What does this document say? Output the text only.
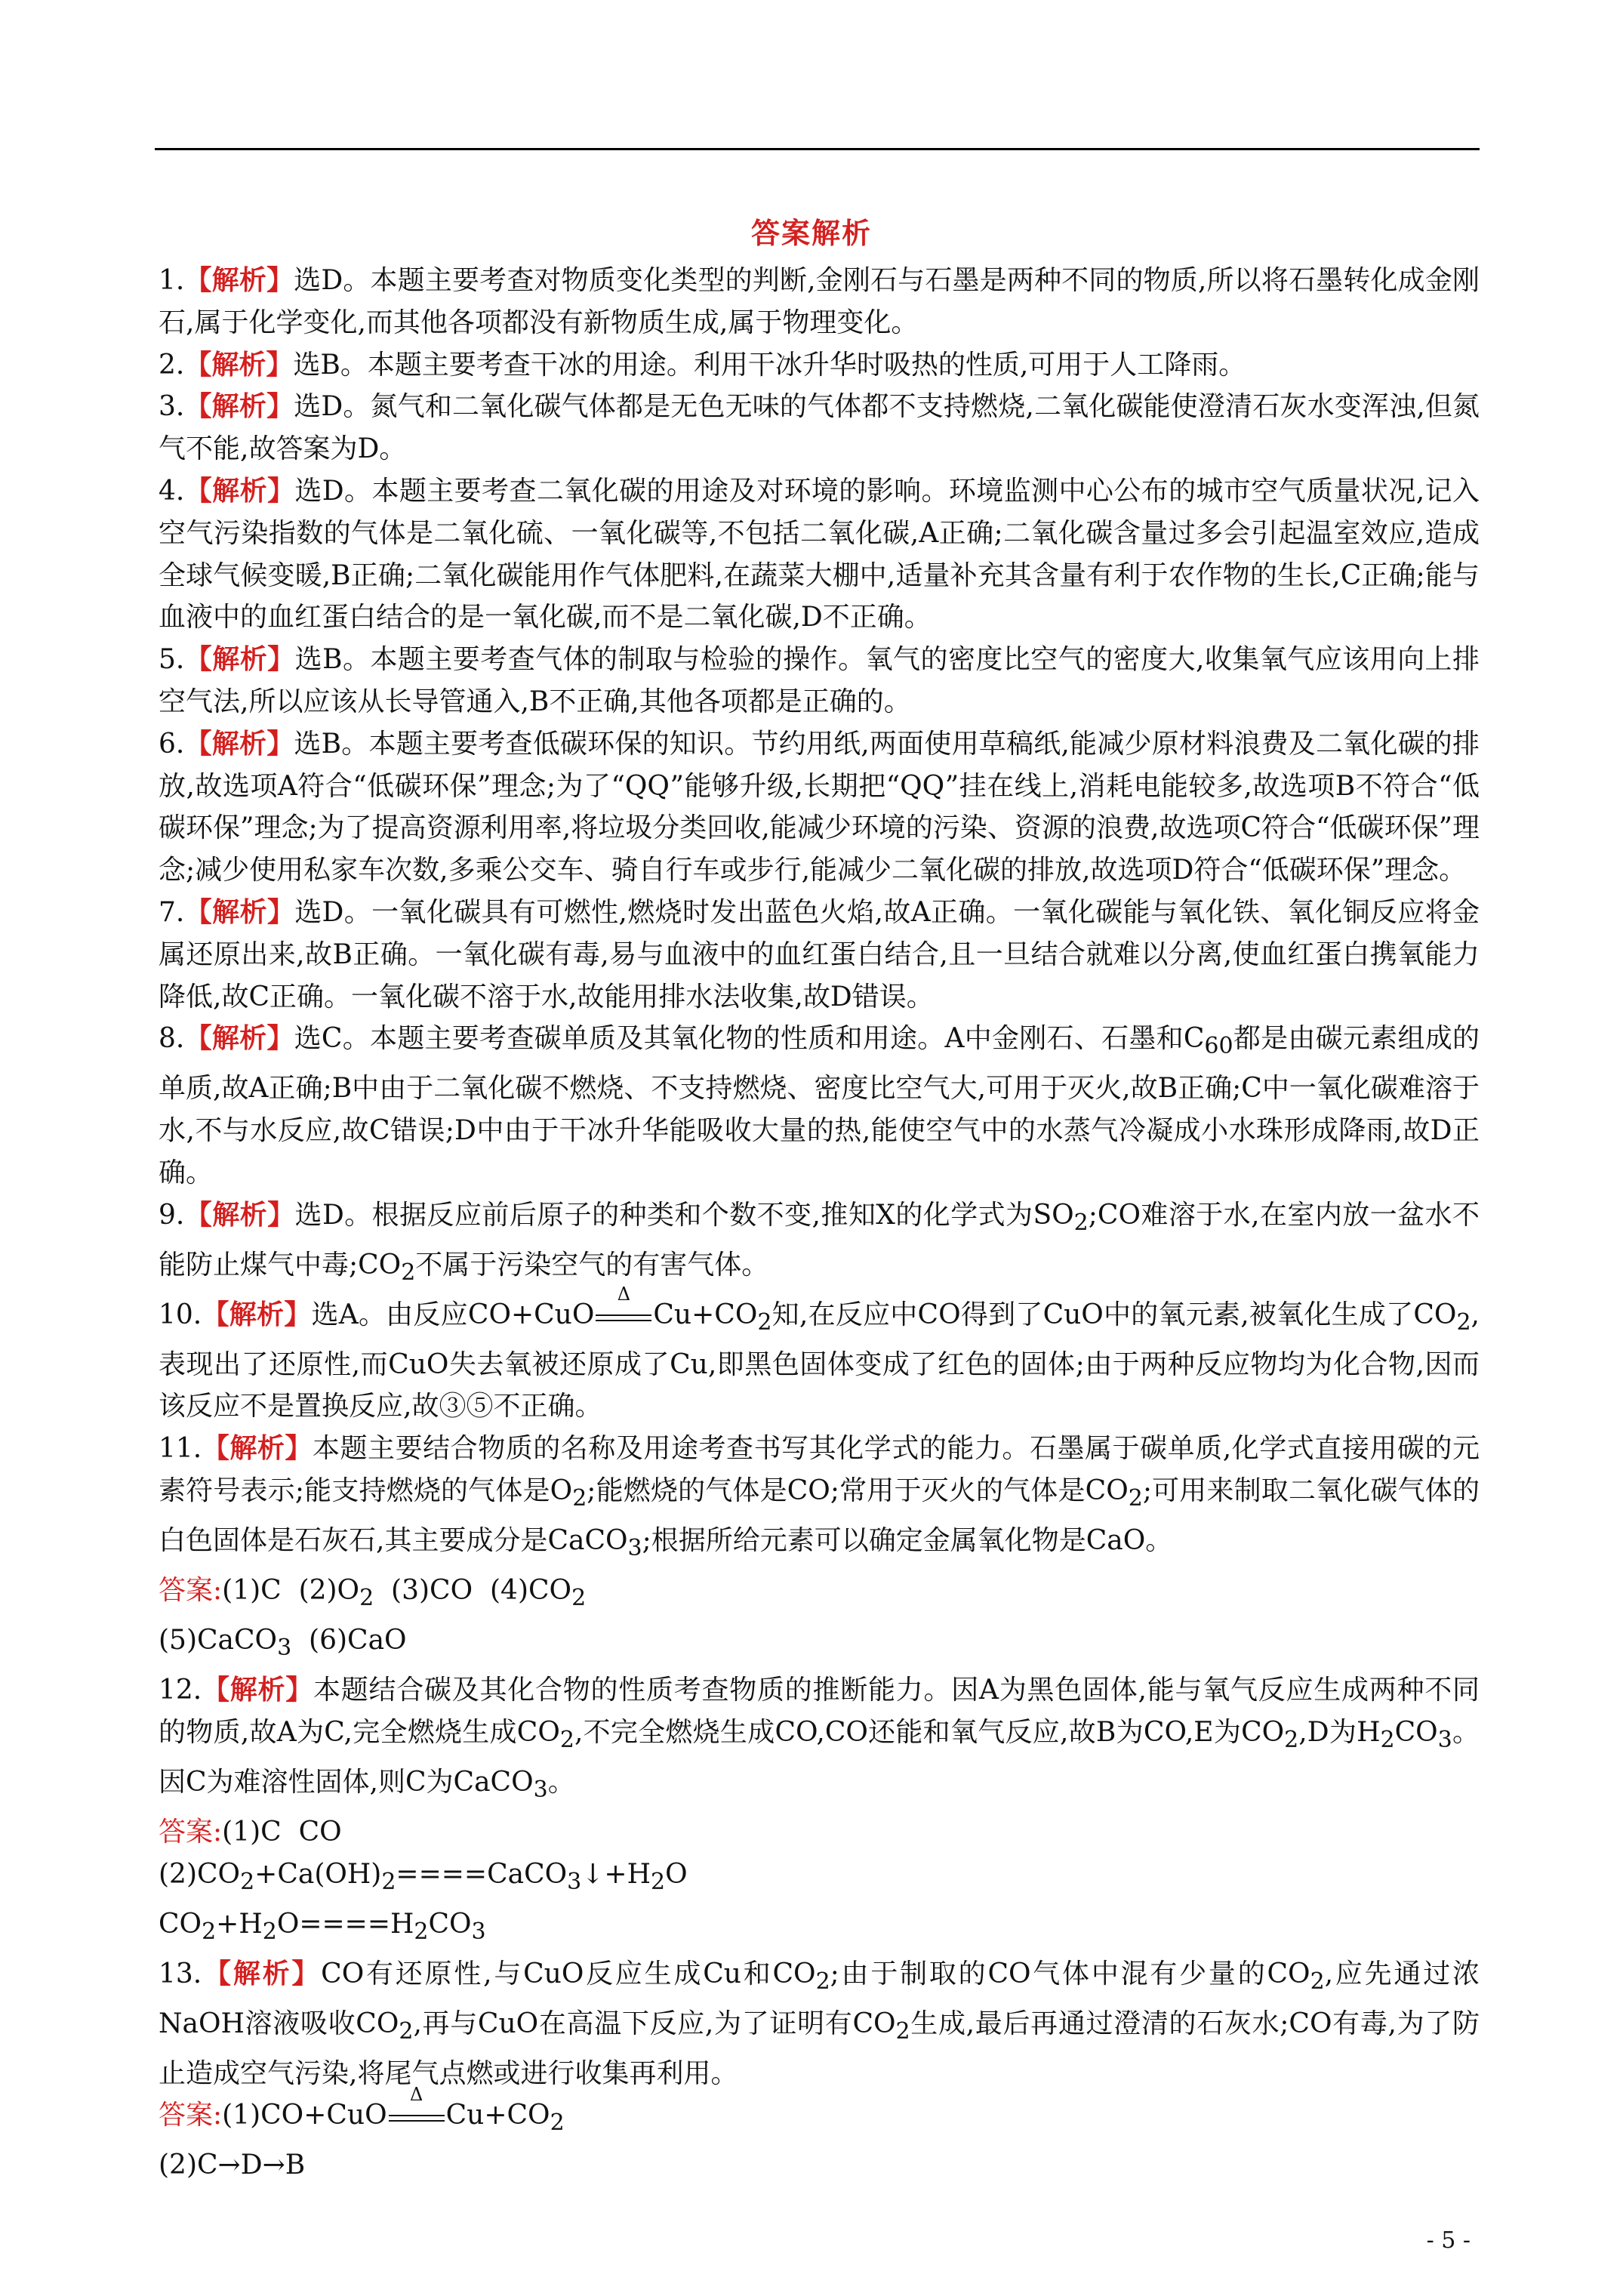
答案解析

1.【解析】选D。本题主要考查对物质变化类型的判断,金刚石与石墨是两种不同的物质,所以将石墨转化成金刚石,属于化学变化,而其他各项都没有新物质生成,属于物理变化。

2.【解析】选B。本题主要考查干冰的用途。利用干冰升华时吸热的性质,可用于人工降雨。

3.【解析】选D。氮气和二氧化碳气体都是无色无味的气体都不支持燃烧,二氧化碳能使澄清石灰水变浑浊,但氮气不能,故答案为D。

4.【解析】选D。本题主要考查二氧化碳的用途及对环境的影响。环境监测中心公布的城市空气质量状况,记入空气污染指数的气体是二氧化硫、一氧化碳等,不包括二氧化碳,A正确;二氧化碳含量过多会引起温室效应,造成全球气候变暖,B正确;二氧化碳能用作气体肥料,在蔬菜大棚中,适量补充其含量有利于农作物的生长,C正确;能与血液中的血红蛋白结合的是一氧化碳,而不是二氧化碳,D不正确。

5.【解析】选B。本题主要考查气体的制取与检验的操作。氧气的密度比空气的密度大,收集氧气应该用向上排空气法,所以应该从长导管通入,B不正确,其他各项都是正确的。

6.【解析】选B。本题主要考查低碳环保的知识。节约用纸,两面使用草稿纸,能减少原材料浪费及二氧化碳的排放,故选项A符合“低碳环保”理念;为了“QQ”能够升级,长期把“QQ”挂在线上,消耗电能较多,故选项B不符合“低碳环保”理念;为了提高资源利用率,将垃圾分类回收,能减少环境的污染、资源的浪费,故选项C符合“低碳环保”理念;减少使用私家车次数,多乘公交车、骑自行车或步行,能减少二氧化碳的排放,故选项D符合“低碳环保”理念。

7.【解析】选D。一氧化碳具有可燃性,燃烧时发出蓝色火焰,故A正确。一氧化碳能与氧化铁、氧化铜反应将金属还原出来,故B正确。一氧化碳有毒,易与血液中的血红蛋白结合,且一旦结合就难以分离,使血红蛋白携氧能力降低,故C正确。一氧化碳不溶于水,故能用排水法收集,故D错误。

8.【解析】选C。本题主要考查碳单质及其氧化物的性质和用途。A中金刚石、石墨和$C_{60}$都是由碳元素组成的单质,故A正确;B中由于二氧化碳不燃烧、不支持燃烧、密度比空气大,可用于灭火,故B正确;C中一氧化碳难溶于水,不与水反应,故C错误;D中由于干冰升华能吸收大量的热,能使空气中的水蒸气冷凝成小水珠形成降雨,故D正确。

9.【解析】选D。根据反应前后原子的种类和个数不变,推知X的化学式为$SO_2;CO$难溶于水,在室内放一盆水不能防止煤气中毒$;CO_2$不属于污染空气的有害气体。

10.【解析】选A。由反应CO+CuO
Δ
$Cu+CO_2$知,在反应中CO得到了CuO中的氧元素,被氧化生成了$CO_2$,表现出了还原性,而CuO失去氧被还原成了Cu,即黑色固体变成了红色的固体;由于两种反应物均为化合物,因而该反应不是置换反应,故③⑤不正确。

11.【解析】本题主要结合物质的名称及用途考查书写其化学式的能力。石墨属于碳单质,化学式直接用碳的元素符号表示;能支持燃烧的气体是$O_2$;能燃烧的气体是CO;常用于灭火的气体是$CO_2$;可用来制取二氧化碳气体的白色固体是石灰石,其主要成分是CaCO$_3$;根据所给元素可以确定金属氧化物是CaO。

答案:(1)C  $(2)O_2$  (3)CO  $(4)CO_2$

(5)CaCO$_3$  (6)CaO

12.【解析】本题结合碳及其化合物的性质考查物质的推断能力。因A为黑色固体,能与氧气反应生成两种不同的物质,故A为C,完全燃烧生成$CO_2$,不完全燃烧生成CO,CO还能和氧气反应,故B为CO,E为$CO_2,D$为$H_2CO_3$。因C为难溶性固体,则C为CaCO$_3$。

答案:(1)C  CO

$(2)CO_2+Ca(OH)_2====CaCO_3↓+H_2O$

$CO_2+H_2O====H_2CO_3$

13.【解析】CO有还原性,与CuO反应生成Cu和$CO_2$;由于制取的CO气体中混有少量的$CO_2$,应先通过浓NaOH溶液吸收$CO_2$,再与CuO在高温下反应,为了证明有$CO_2$生成,最后再通过澄清的石灰水;CO有毒,为了防止造成空气污染,将尾气点燃或进行收集再利用。

答案:(1)CO+CuO
Δ
$Cu+CO_2$

(2)C→D→B

- 5 -
